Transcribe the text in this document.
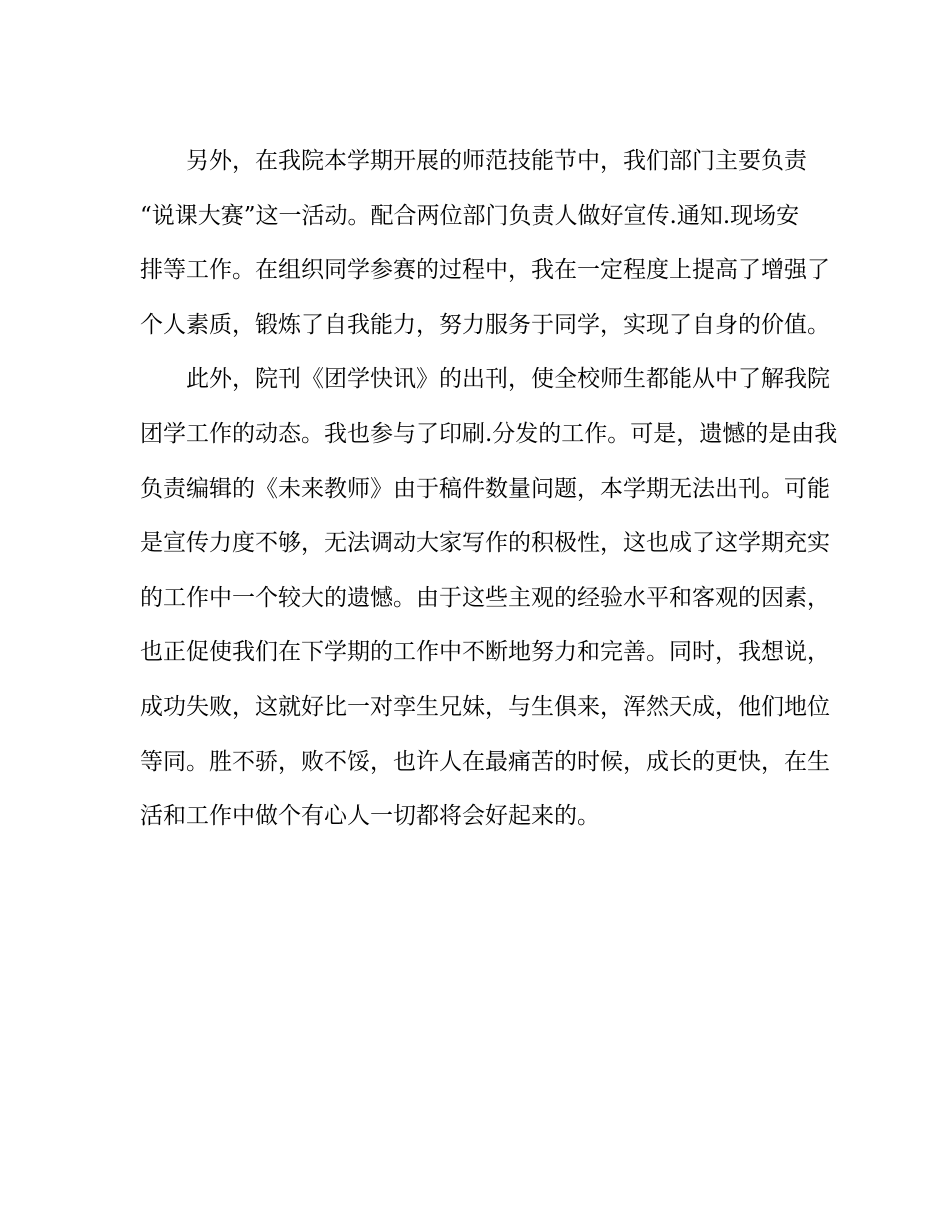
另外，在我院本学期开展的师范技能节中，我们部门主要负责
“说课大赛”这一活动。配合两位部门负责人做好宣传.通知.现场安
排等工作。在组织同学参赛的过程中，我在一定程度上提高了增强了
个人素质，锻炼了自我能力，努力服务于同学，实现了自身的价值。
此外，院刊《团学快讯》的出刊，使全校师生都能从中了解我院
团学工作的动态。我也参与了印刷.分发的工作。可是，遗憾的是由我
负责编辑的《未来教师》由于稿件数量问题，本学期无法出刊。可能
是宣传力度不够，无法调动大家写作的积极性，这也成了这学期充实
的工作中一个较大的遗憾。由于这些主观的经验水平和客观的因素，
也正促使我们在下学期的工作中不断地努力和完善。同时，我想说，
成功失败，这就好比一对孪生兄妹，与生俱来，浑然天成，他们地位
等同。胜不骄，败不馁，也许人在最痛苦的时候，成长的更快，在生
活和工作中做个有心人一切都将会好起来的。
